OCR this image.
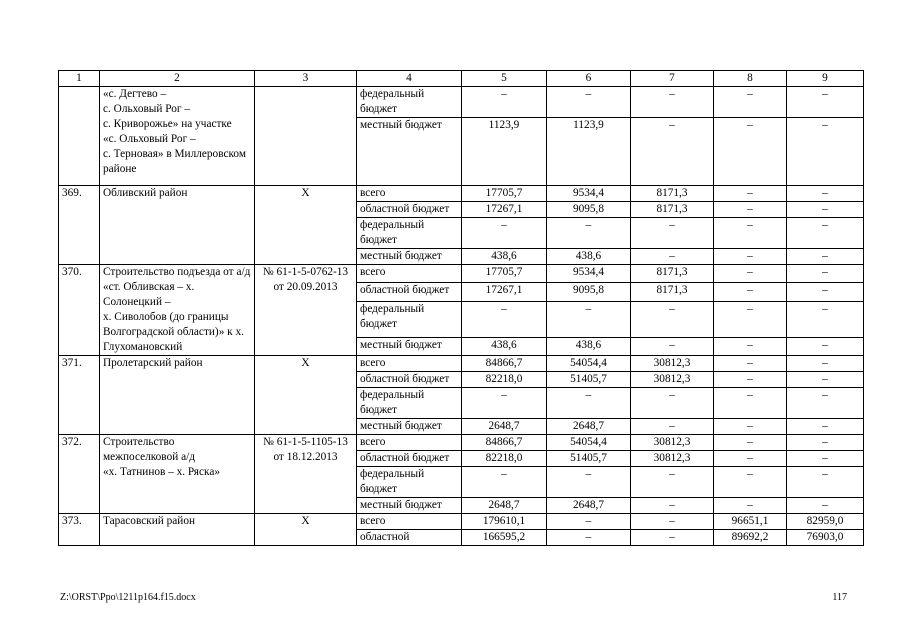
1	2	3	4	5	6	7	8	9
	«с. Дегтево –
с. Ольховый Рог –
с. Криворожье» на участке
«с. Ольховый Рог –
с. Терновая» в Миллеровском районе		федеральный бюджет	–	–	–	–	–
			местный бюджет	1123,9	1123,9	–	–	–
369.	Обливский район	Х	всего	17705,7	9534,4	8171,3	–	–
			областной бюджет	17267,1	9095,8	8171,3	–	–
			федеральный бюджет	–	–	–	–	–
			местный бюджет	438,6	438,6	–	–	–
370.	Строительство подъезда от а/д «ст. Обливская – х. Солонецкий –
х. Сиволобов (до границы Волгоградской области)» к х. Глухомановский	№ 61-1-5-0762-13 от 20.09.2013	всего	17705,7	9534,4	8171,3	–	–
			областной бюджет	17267,1	9095,8	8171,3	–	–
			федеральный бюджет	–	–	–	–	–
			местный бюджет	438,6	438,6	–	–	–
371.	Пролетарский район	Х	всего	84866,7	54054,4	30812,3	–	–
			областной бюджет	82218,0	51405,7	30812,3	–	–
			федеральный бюджет	–	–	–	–	–
			местный бюджет	2648,7	2648,7	–	–	–
372.	Строительство межпоселковой а/д
«х. Татнинов – х. Ряска»	№ 61-1-5-1105-13 от 18.12.2013	всего	84866,7	54054,4	30812,3	–	–
			областной бюджет	82218,0	51405,7	30812,3	–	–
			федеральный бюджет	–	–	–	–	–
			местный бюджет	2648,7	2648,7	–	–	–
373.	Тарасовский район	Х	всего	179610,1	–	–	96651,1	82959,0
			областной	166595,2	–	–	89692,2	76903,0
Z:\ORST\Ppo\1211p164.f15.docx	117
